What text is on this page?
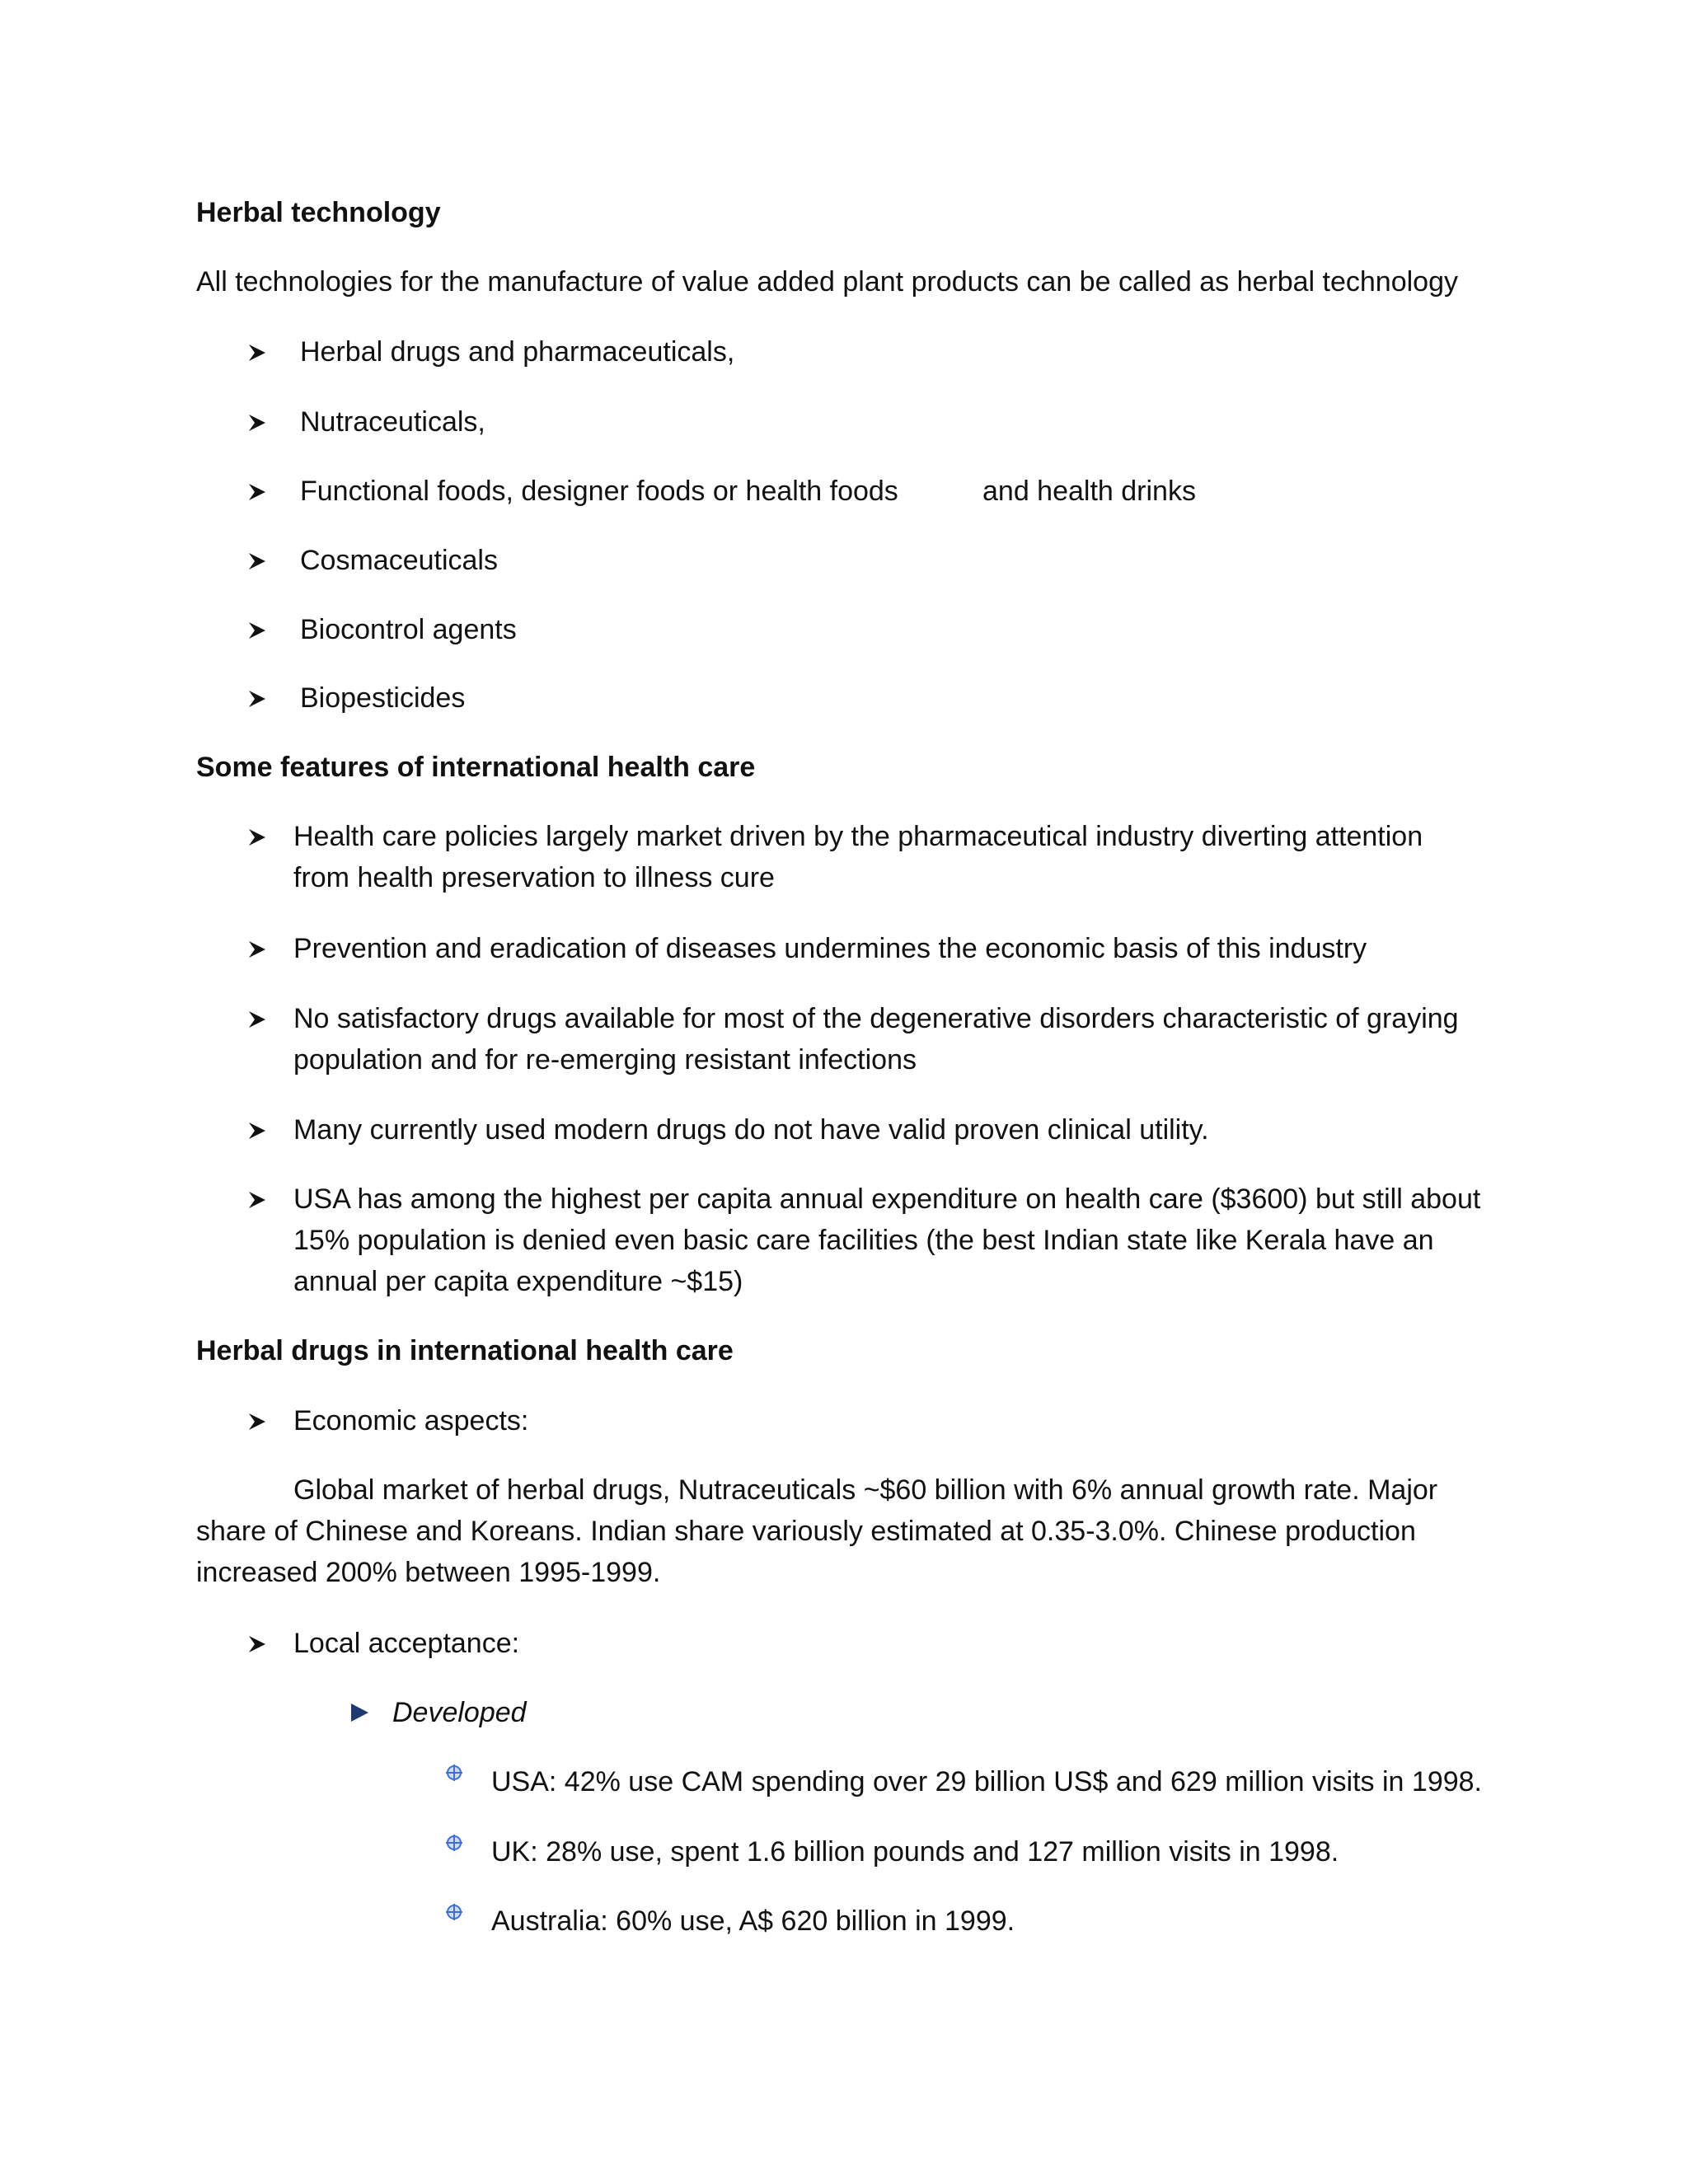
Herbal technology
All technologies for the manufacture of value added plant products can be called as herbal technology
Herbal drugs and pharmaceuticals,
Nutraceuticals,
Functional foods, designer foods or health foods	and health drinks
Cosmaceuticals
Biocontrol agents
Biopesticides
Some features of international health care
Health care policies largely market driven by the pharmaceutical industry diverting attention
from health preservation to illness cure
Prevention and eradication of diseases undermines the economic basis of this industry
No satisfactory drugs available for most of the degenerative disorders characteristic of graying
population and for re-emerging resistant infections
Many currently used modern drugs do not have valid proven clinical utility.
USA has among the highest per capita annual expenditure on health care ($3600) but still about
15% population is denied even basic care facilities (the best Indian state like Kerala have an
annual per capita expenditure ~$15)
Herbal drugs in international health care
Economic aspects:
Global market of herbal drugs, Nutraceuticals ~$60 billion with 6% annual growth rate. Major
share of Chinese and Koreans. Indian share variously estimated at 0.35-3.0%. Chinese production
increased 200% between 1995-1999.
Local acceptance:
Developed
USA: 42% use CAM spending over 29 billion US$ and 629 million visits in 1998.
UK: 28% use, spent 1.6 billion pounds and 127 million visits in 1998.
Australia: 60% use, A$ 620 billion in 1999.
